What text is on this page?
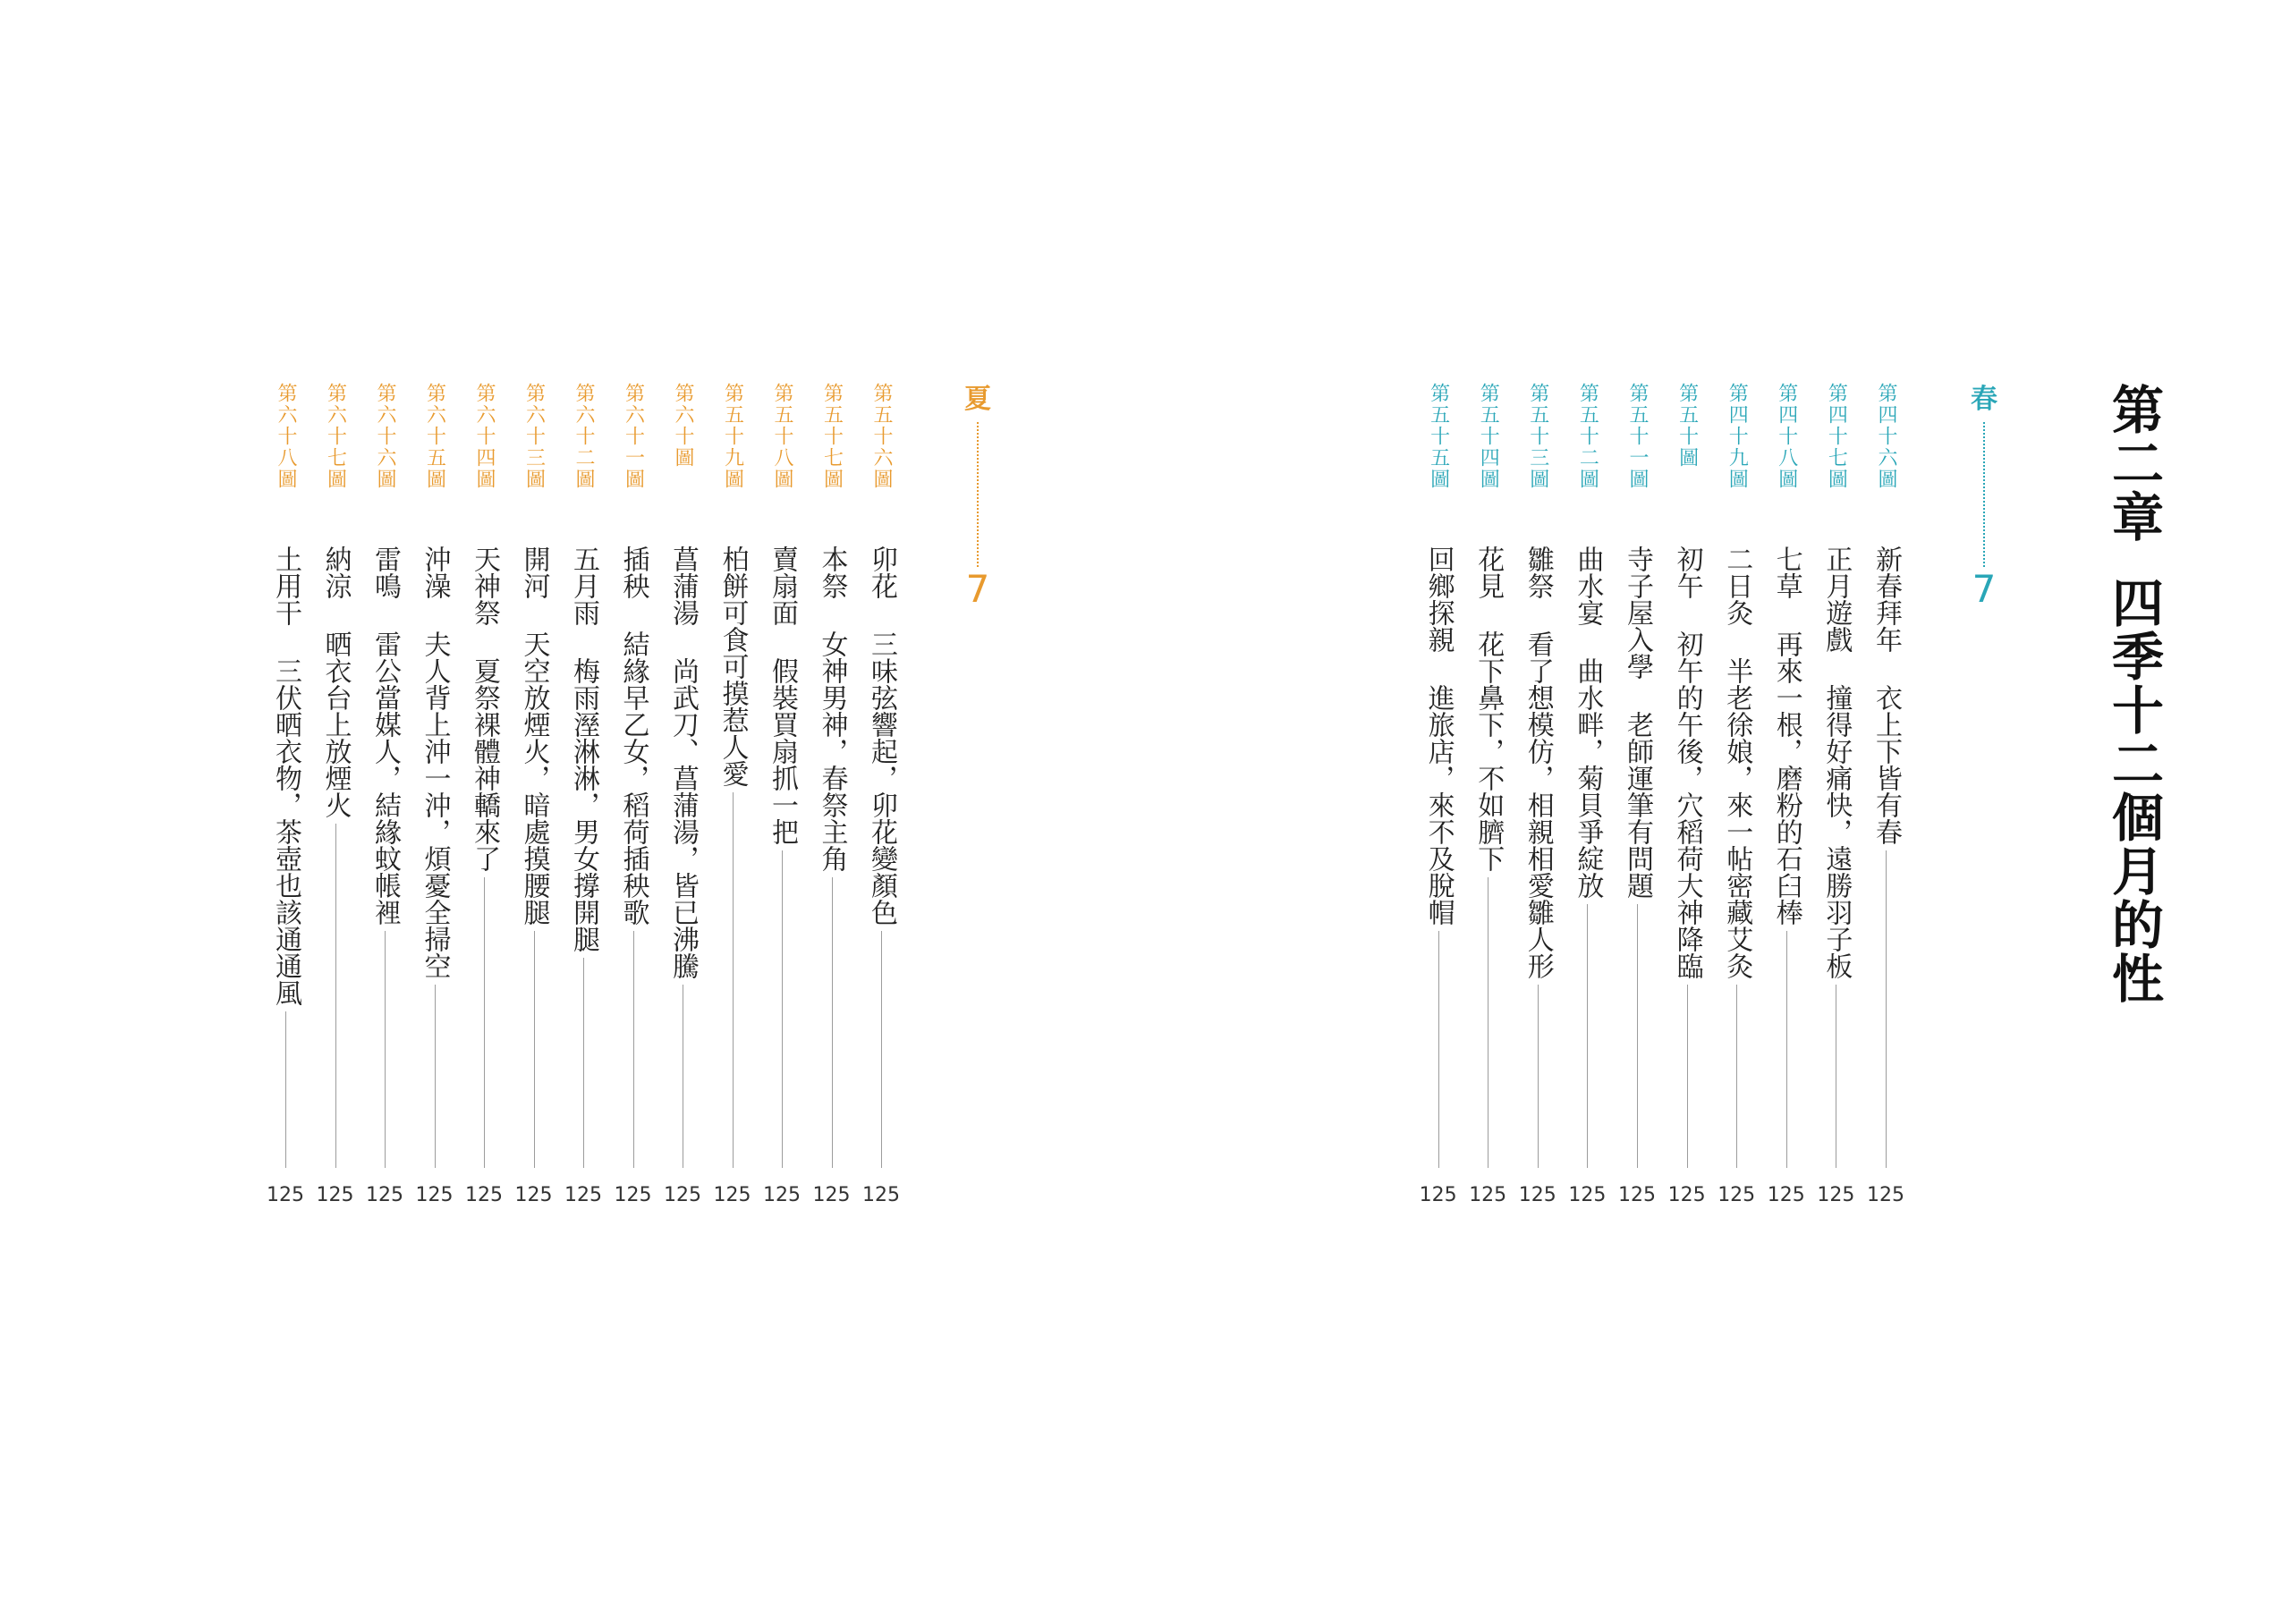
第二章四季十二個月的性
春
7
夏
7
第四十六圖
新春拜年 衣上下皆有春
125
第四十七圖
正月遊戲 撞得好痛快，遠勝羽子板
125
第四十八圖
七草 再來一根，磨粉的石臼棒
125
第四十九圖
二日灸 半老徐娘，來一帖密藏艾灸
125
第五十圖
初午 初午的午後，穴稻荷大神降臨
125
第五十一圖
寺子屋入學 老師運筆有問題
125
第五十二圖
曲水宴 曲水畔，菊貝爭綻放
125
第五十三圖
雛祭 看了想模仿，相親相愛雛人形
125
第五十四圖
花見 花下鼻下，不如臍下
125
第五十五圖
回鄉探親 進旅店，來不及脫帽
125
第五十六圖
卯花 三味弦響起，卯花變顏色
125
第五十七圖
本祭 女神男神，春祭主角
125
第五十八圖
賣扇面 假裝買扇抓一把
125
第五十九圖
柏餅可食可摸惹人愛
125
第六十圖
菖蒲湯 尚武刀、菖蒲湯，皆已沸騰
125
第六十一圖
插秧 結緣早乙女，稻荷插秧歌
125
第六十二圖
五月雨 梅雨溼淋淋，男女撐開腿
125
第六十三圖
開河 天空放煙火，暗處摸腰腿
125
第六十四圖
天神祭 夏祭裸體神轎來了
125
第六十五圖
沖澡 夫人背上沖一沖，煩憂全掃空
125
第六十六圖
雷鳴 雷公當媒人，結緣蚊帳裡
125
第六十七圖
納涼 晒衣台上放煙火
125
第六十八圖
土用干 三伏晒衣物，茶壺也該通通風
125
